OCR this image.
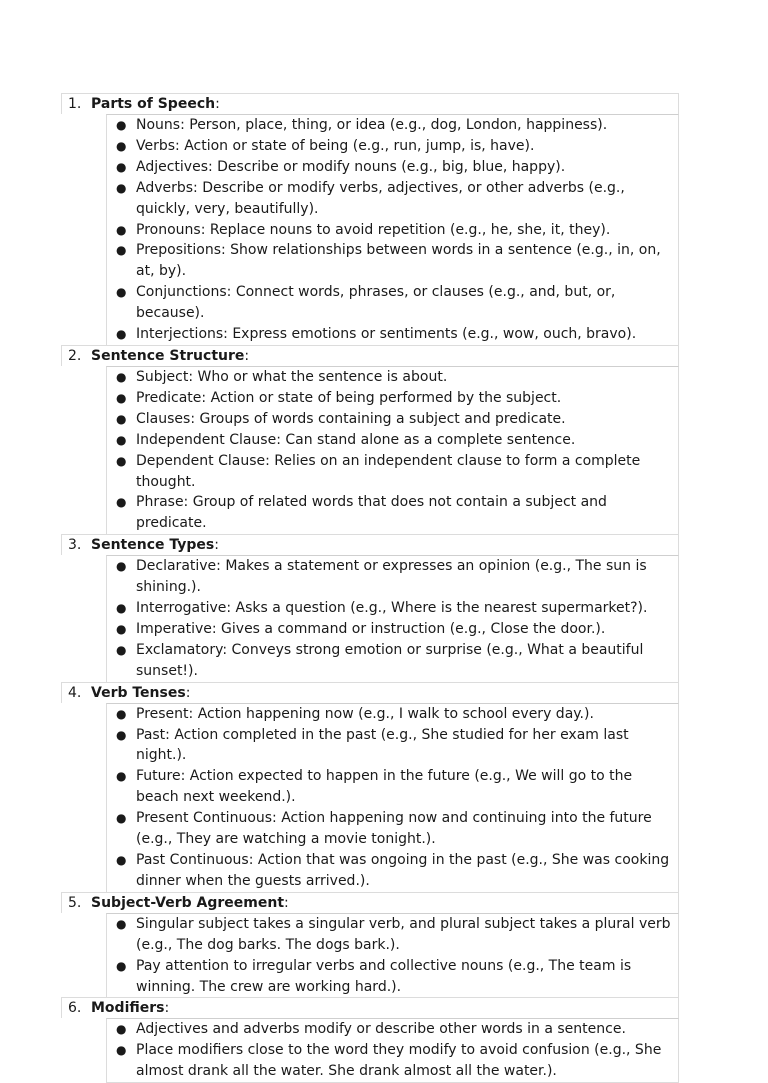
1. Parts of Speech:
● Nouns: Person, place, thing, or idea (e.g., dog, London, happiness).
● Verbs: Action or state of being (e.g., run, jump, is, have).
● Adjectives: Describe or modify nouns (e.g., big, blue, happy).
● Adverbs: Describe or modify verbs, adjectives, or other adverbs (e.g., quickly, very, beautifully).
● Pronouns: Replace nouns to avoid repetition (e.g., he, she, it, they).
● Prepositions: Show relationships between words in a sentence (e.g., in, on, at, by).
● Conjunctions: Connect words, phrases, or clauses (e.g., and, but, or, because).
● Interjections: Express emotions or sentiments (e.g., wow, ouch, bravo).
2. Sentence Structure:
● Subject: Who or what the sentence is about.
● Predicate: Action or state of being performed by the subject.
● Clauses: Groups of words containing a subject and predicate.
● Independent Clause: Can stand alone as a complete sentence.
● Dependent Clause: Relies on an independent clause to form a complete thought.
● Phrase: Group of related words that does not contain a subject and predicate.
3. Sentence Types:
● Declarative: Makes a statement or expresses an opinion (e.g., The sun is shining.).
● Interrogative: Asks a question (e.g., Where is the nearest supermarket?).
● Imperative: Gives a command or instruction (e.g., Close the door.).
● Exclamatory: Conveys strong emotion or surprise (e.g., What a beautiful sunset!).
4. Verb Tenses:
● Present: Action happening now (e.g., I walk to school every day.).
● Past: Action completed in the past (e.g., She studied for her exam last night.).
● Future: Action expected to happen in the future (e.g., We will go to the beach next weekend.).
● Present Continuous: Action happening now and continuing into the future (e.g., They are watching a movie tonight.).
● Past Continuous: Action that was ongoing in the past (e.g., She was cooking dinner when the guests arrived.).
5. Subject-Verb Agreement:
● Singular subject takes a singular verb, and plural subject takes a plural verb (e.g., The dog barks. The dogs bark.).
● Pay attention to irregular verbs and collective nouns (e.g., The team is winning. The crew are working hard.).
6. Modifiers:
● Adjectives and adverbs modify or describe other words in a sentence.
● Place modifiers close to the word they modify to avoid confusion (e.g., She almost drank all the water. She drank almost all the water.).
